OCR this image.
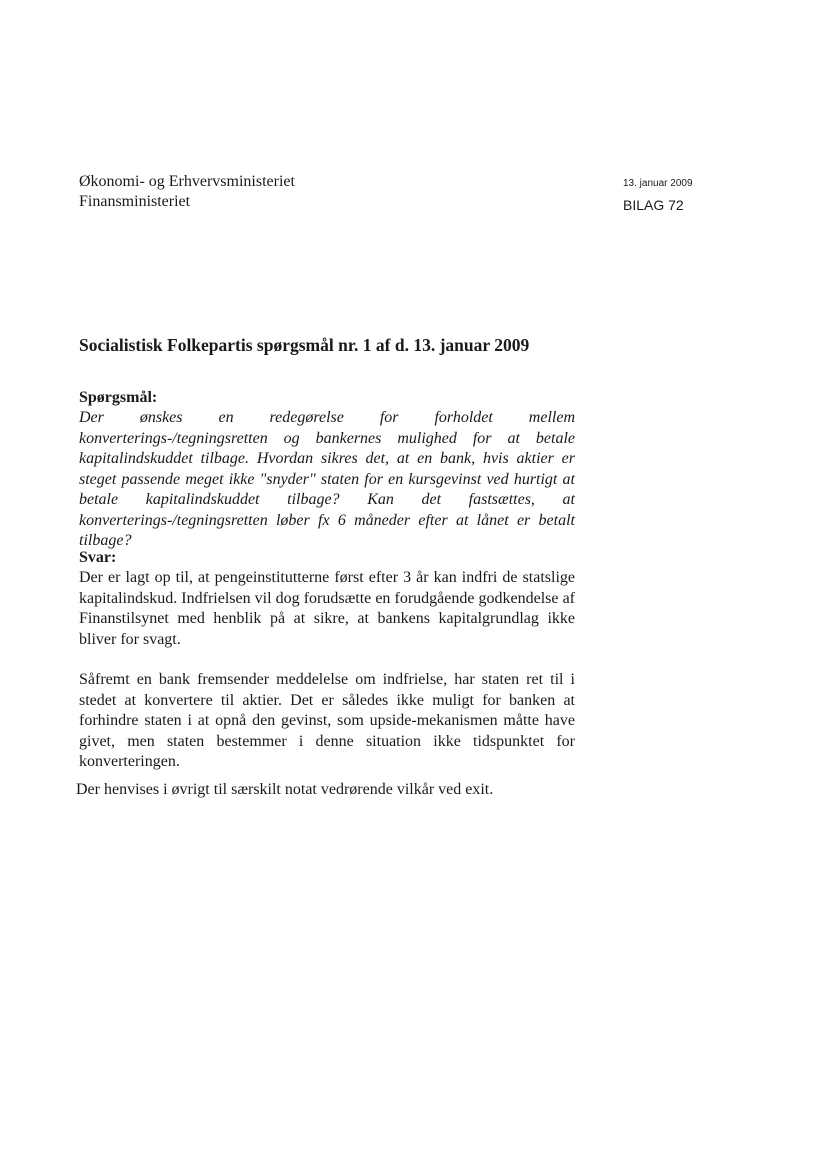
Økonomi- og Erhvervsministeriet
Finansministeriet
13. januar 2009
BILAG 72
Socialistisk Folkepartis spørgsmål nr. 1 af d. 13. januar 2009
Spørgsmål:

Der ønskes en redegørelse for forholdet mellem konverterings-/tegningsretten og bankernes mulighed for at betale kapitalindskuddet tilbage. Hvordan sikres det, at en bank, hvis aktier er steget passende meget ikke "snyder" staten for en kursgevinst ved hurtigt at betale kapitalindskuddet tilbage? Kan det fastsættes, at konverterings-/tegningsretten løber fx 6 måneder efter at lånet er betalt tilbage?

Svar:

Der er lagt op til, at pengeinstitutterne først efter 3 år kan indfri de statslige kapitalindskud. Indfrielsen vil dog forudsætte en forudgående godkendelse af Finanstilsynet med henblik på at sikre, at bankens kapitalgrundlag ikke bliver for svagt.

Såfremt en bank fremsender meddelelse om indfrielse, har staten ret til i stedet at konvertere til aktier. Det er således ikke muligt for banken at forhindre staten i at opnå den gevinst, som upside-mekanismen måtte have givet, men staten bestemmer i denne situation ikke tidspunktet for konverteringen.

Der henvises i øvrigt til særskilt notat vedrørende vilkår ved exit.
